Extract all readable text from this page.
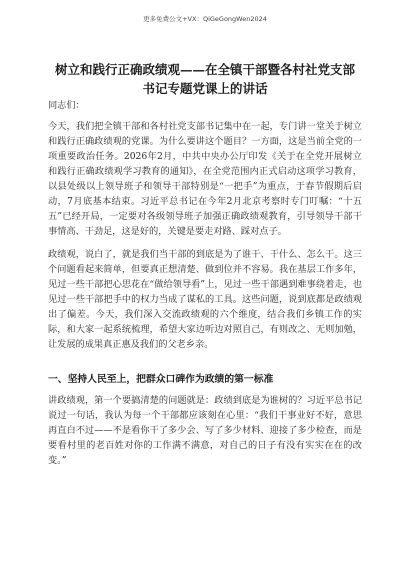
更多免费公文+VX：QiGeGongWen2024
树立和践行正确政绩观——在全镇干部暨各村社党支部书记专题党课上的讲话

同志们：

今天，我们把全镇干部和各村社党支部书记集中在一起，专门讲一堂关于树立和践行正确政绩观的党课。为什么要讲这个题目？一方面，这是当前全党的一项重要政治任务。2026年2月，中共中央办公厅印发《关于在全党开展树立和践行正确政绩观学习教育的通知》，在全党范围内正式启动这项学习教育，以县处级以上领导班子和领导干部特别是“一把手”为重点，于春节假期后启动，7月底基本结束。习近平总书记在今年2月北京考察时专门叮嘱：“十五五”已经开局，一定要对各级领导班子加强正确政绩观教育，引导领导干部干事情高、干劲足，这是好的，关键是要走对路、踩对点子。

政绩观，说白了，就是我们当干部的到底是为了谁干、干什么、怎么干。这三个问题看起来简单，但要真正想清楚、做到位并不容易。我在基层工作多年，见过一些干部把心思花在“做给领导看”上，见过一些干部遇到难事绕着走，也见过一些干部把手中的权力当成了谋私的工具。这些问题，说到底都是政绩观出了偏差。今天，我们深入交流政绩观的六个维度，结合我们乡镇工作的实际，和大家一起系统梳理，希望大家边听边对照自己，有则改之、无则加勉，让发展的成果真正惠及我们的父老乡亲。

一、坚持人民至上，把群众口碑作为政绩的第一标准

讲政绩观，第一个要搞清楚的问题就是：政绩到底是为谁树的？习近平总书记说过一句话，我认为每一个干部都应该刻在心里：“我们干事业好不好，意思再直白不过——不是看你干了多少会、写了多少材料、迎接了多少检查，而是要看村里的老百姓对你的工作满不满意，对自己的日子有没有实实在在的改变。”
